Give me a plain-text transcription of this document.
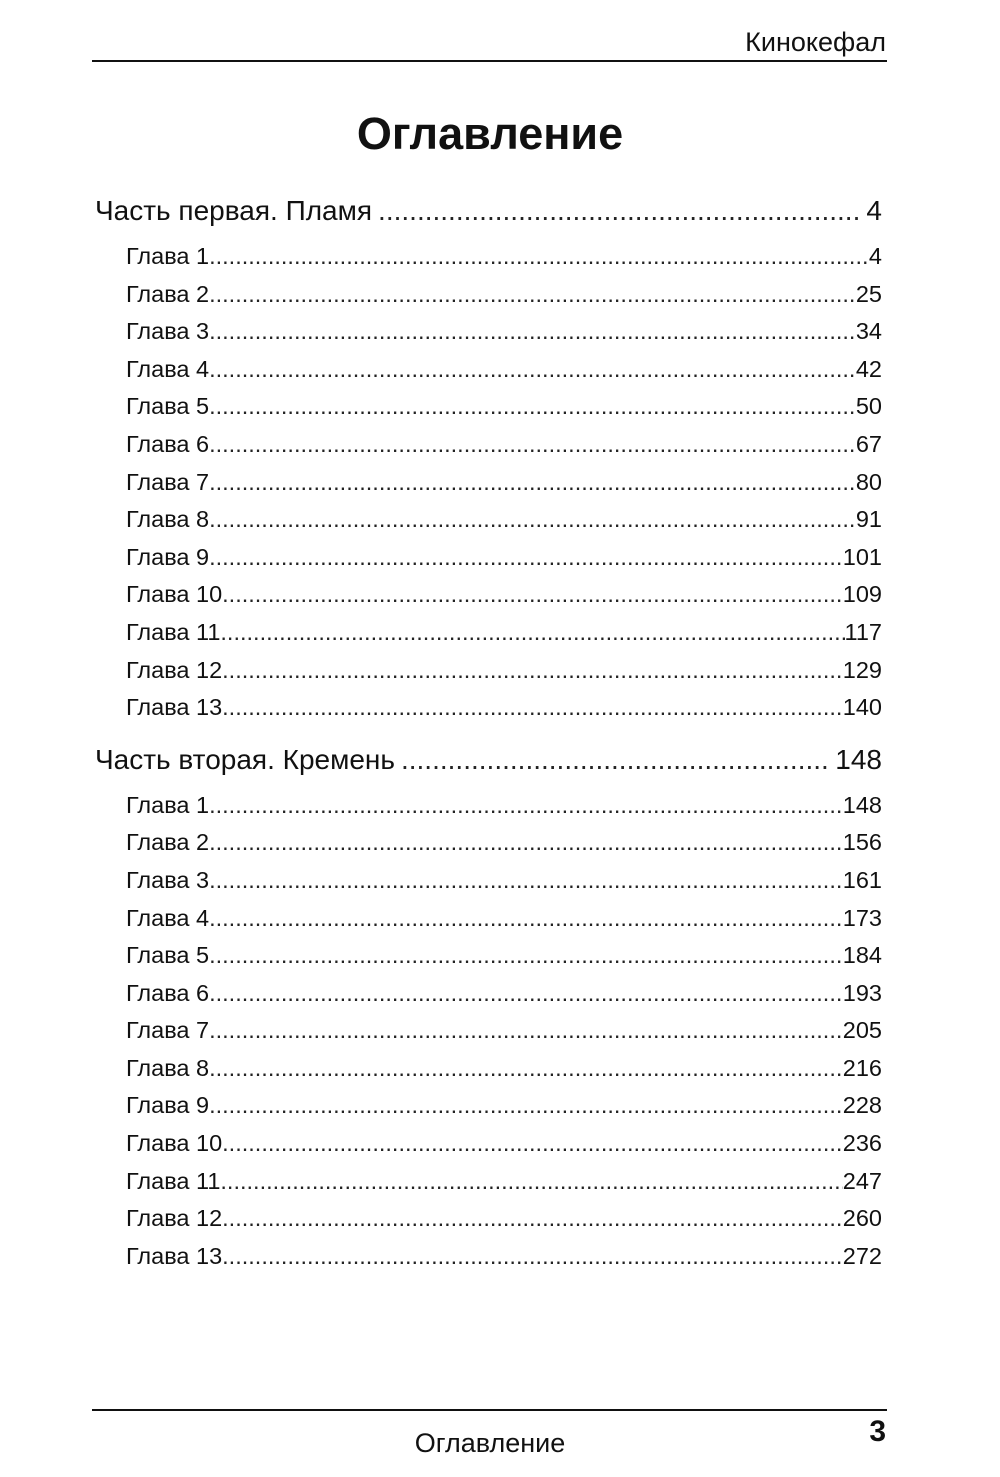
Кинокефал
Оглавление
Часть первая. Пламя .....	4
Глава 1 .....	4
Глава 2 .....	25
Глава 3 .....	34
Глава 4 .....	42
Глава 5 .....	50
Глава 6 .....	67
Глава 7 .....	80
Глава 8 .....	91
Глава 9 .....	101
Глава 10 .....	109
Глава 11 .....	117
Глава 12 .....	129
Глава 13 .....	140
Часть вторая. Кремень .....	148
Глава 1 .....	148
Глава 2 .....	156
Глава 3 .....	161
Глава 4 .....	173
Глава 5 .....	184
Глава 6 .....	193
Глава 7 .....	205
Глава 8 .....	216
Глава 9 .....	228
Глава 10 .....	236
Глава 11 .....	247
Глава 12 .....	260
Глава 13 .....	272
Оглавление	3
